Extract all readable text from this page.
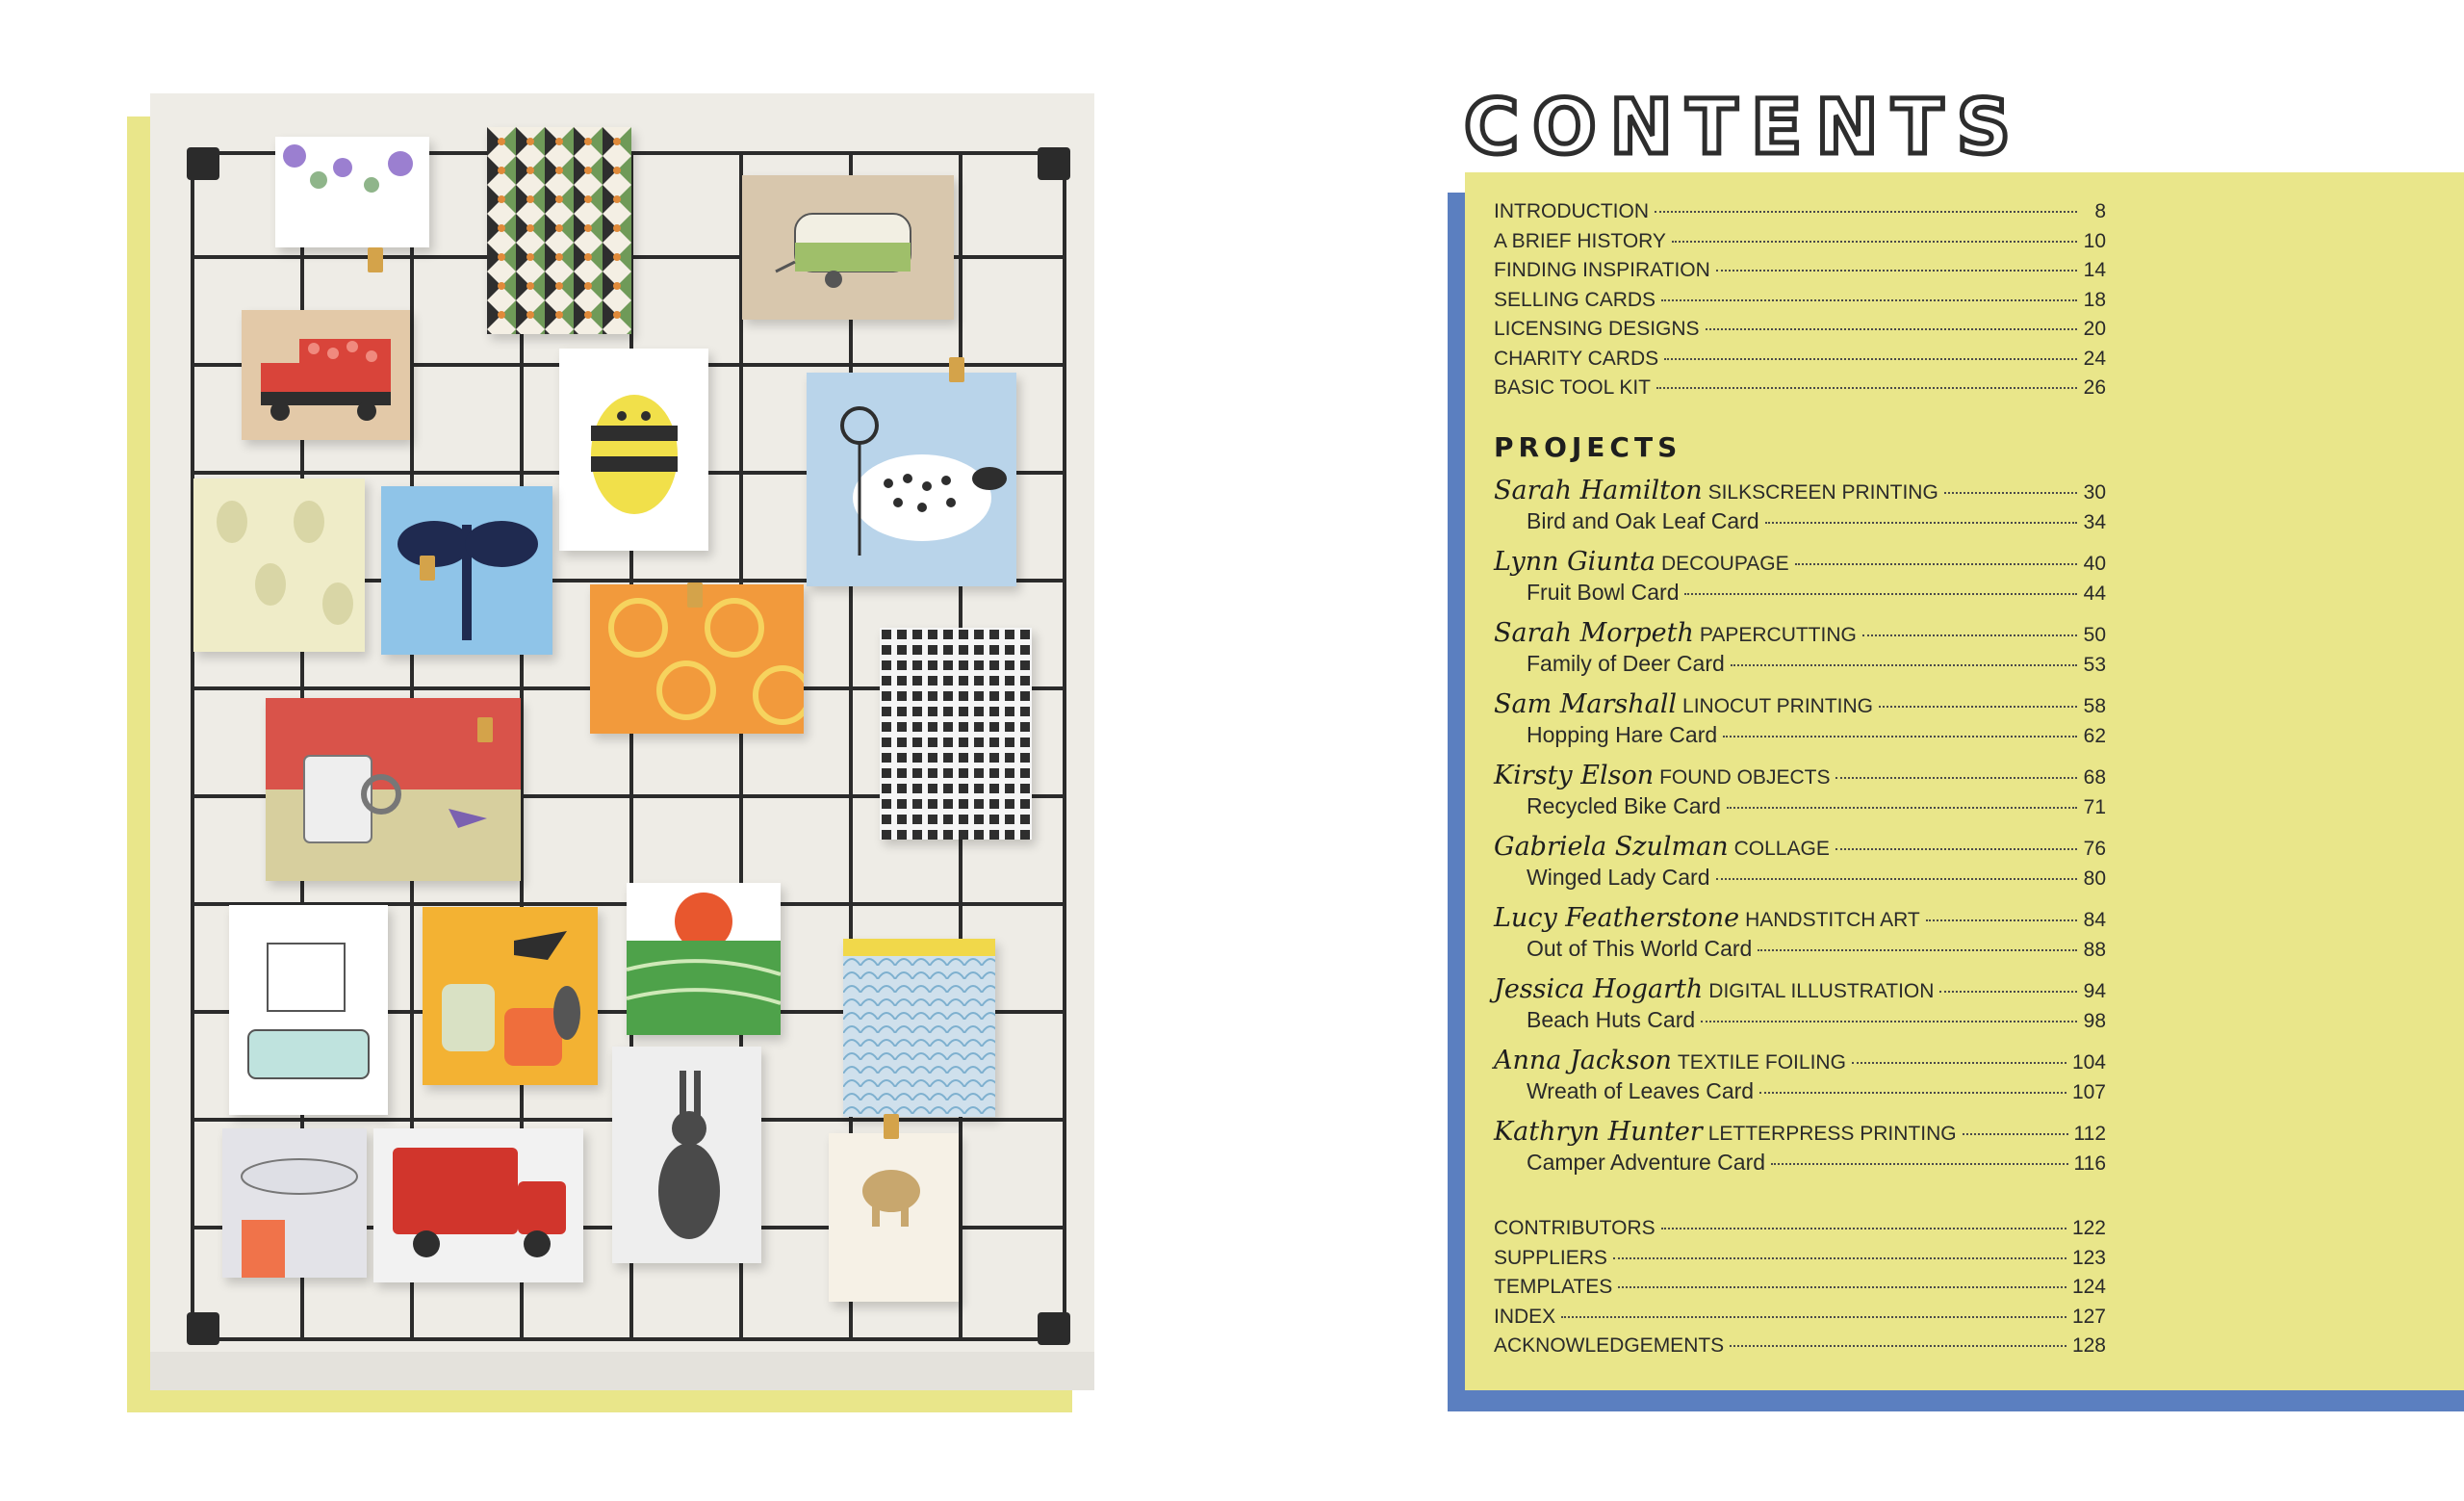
CONTENTS
INTRODUCTION	8
A BRIEF HISTORY	10
FINDING INSPIRATION	14
SELLING CARDS	18
LICENSING DESIGNS	20
CHARITY CARDS	24
BASIC TOOL KIT	26
PROJECTS
Sarah Hamilton SILKSCREEN PRINTING	30
Bird and Oak Leaf Card	34
Lynn Giunta DECOUPAGE	40
Fruit Bowl Card	44
Sarah Morpeth PAPERCUTTING	50
Family of Deer Card	53
Sam Marshall LINOCUT PRINTING	58
Hopping Hare Card	62
Kirsty Elson FOUND OBJECTS	68
Recycled Bike Card	71
Gabriela Szulman COLLAGE	76
Winged Lady Card	80
Lucy Featherstone HANDSTITCH ART	84
Out of This World Card	88
Jessica Hogarth DIGITAL ILLUSTRATION	94
Beach Huts Card	98
Anna Jackson TEXTILE FOILING	104
Wreath of Leaves Card	107
Kathryn Hunter LETTERPRESS PRINTING	112
Camper Adventure Card	116
CONTRIBUTORS	122
SUPPLIERS	123
TEMPLATES	124
INDEX	127
ACKNOWLEDGEMENTS	128
